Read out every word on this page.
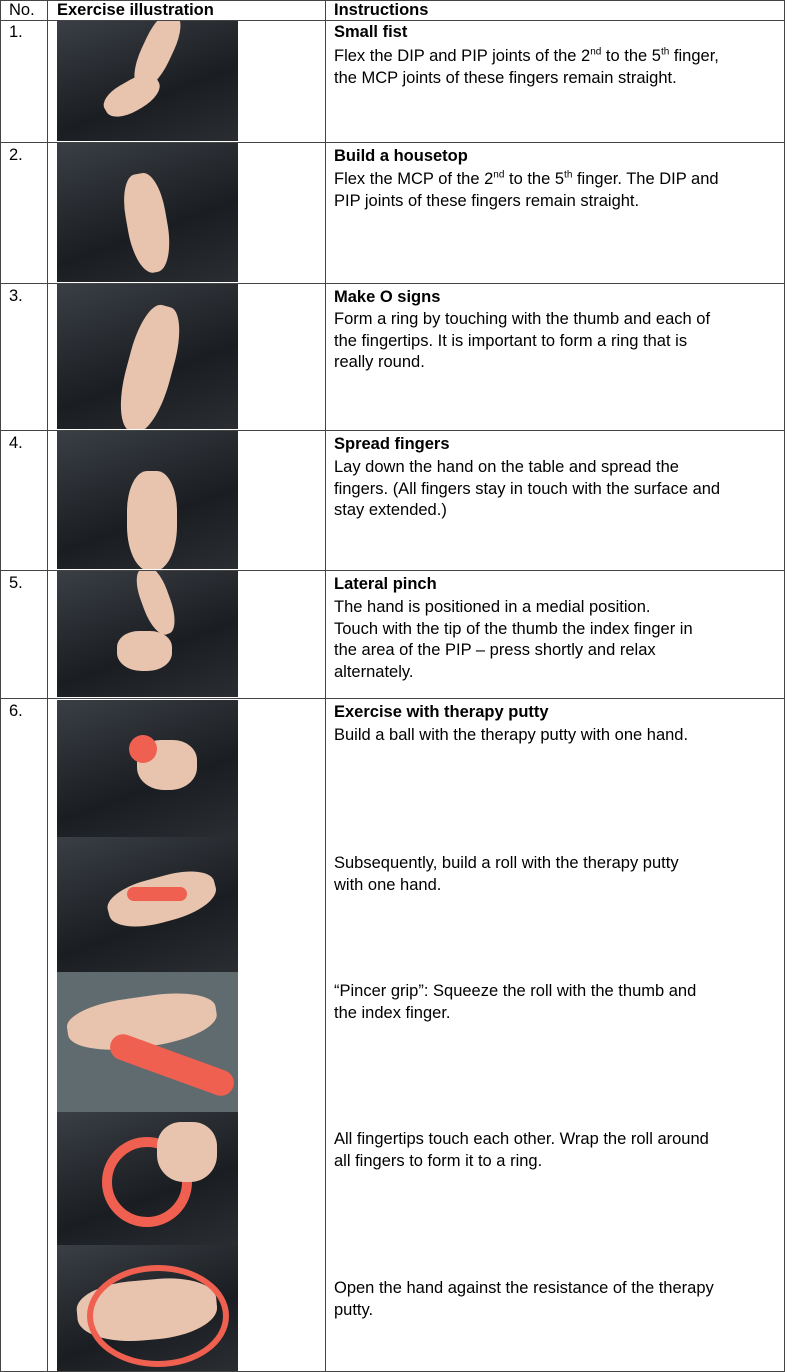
No. Exercise illustration	Instructions
1.	Small fist
Flex the DIP and PIP joints of the 2nd to the 5th finger,
the MCP joints of these fingers remain straight.
2.	Build a housetop
Flex the MCP of the 2nd to the 5th finger. The DIP and
PIP joints of these fingers remain straight.
3.	Make O signs
Form a ring by touching with the thumb and each of
the fingertips. It is important to form a ring that is
really round.
4.	Spread fingers
Lay down the hand on the table and spread the
fingers. (All fingers stay in touch with the surface and
stay extended.)
5.	Lateral pinch
The hand is positioned in a medial position.
Touch with the tip of the thumb the index finger in
the area of the PIP – press shortly and relax
alternately.
6.	Exercise with therapy putty
Build a ball with the therapy putty with one hand.
Subsequently, build a roll with the therapy putty
with one hand.
“Pincer grip”: Squeeze the roll with the thumb and
the index finger.
All fingertips touch each other. Wrap the roll around
all fingers to form it to a ring.
Open the hand against the resistance of the therapy
putty.
